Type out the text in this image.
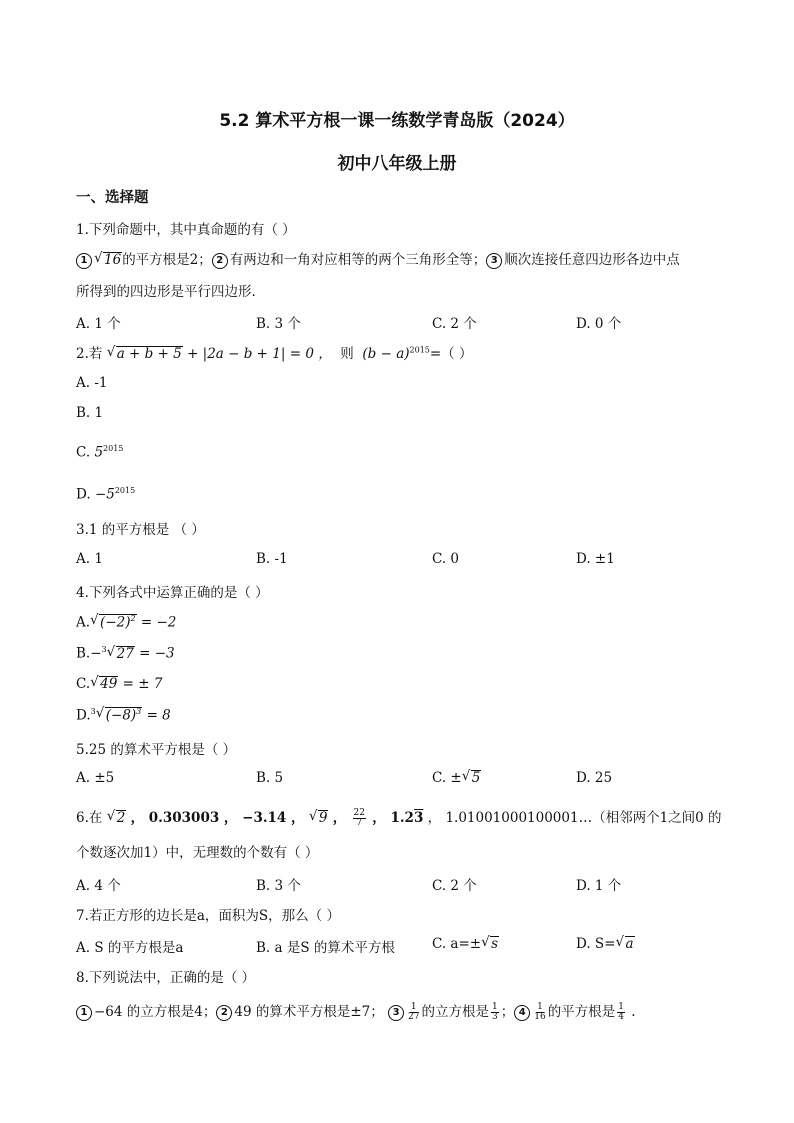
5.2 算术平方根一课一练数学青岛版（2024）
初中八年级上册
一、选择题
1.下列命题中，其中真命题的有（ ）
1 √ 16的平方根是2； 2 有两边和一角对应相等的两个三角形全等； 3 顺次连接任意四边形各边中点
所得到的四边形是平行四边形.
A. 1 个	B. 3 个	C. 2 个	D. 0 个
2.若 √ a + b + 5 + |2a − b + 1| = 0 ， 则 $(b - a)^{2015}=$（ ）
A. -1
B. 1
C. $5^{2015}$
D. $-5^{2015}$
3.1 的平方根是 （ ）
A. 1	B. -1	C. 0	D. ±1
4.下列各式中运算正确的是（ ）
A. √ $(-2)^2 = -2$
B.−$^3$ √ 27 = −3
C. √ 49 = ± 7
D.$^3$ √ $(-8)^3 = 8$
5.25 的算术平方根是（ ）
A. ±5	B. 5	C. ± √ 5	D. 25
6.在 √ 2 ， 0.303003 ， −3.14 ， √ 9 ， $\frac{22}{7}$ ， 1.23 ， 1.01001000100001…（相邻两个1之间0 的
个数逐次加1）中，无理数的个数有（ ）
A. 4 个	B. 3 个	C. 2 个	D. 1 个
7.若正方形的边长是a，面积为S，那么（ ）
A. S 的平方根是a	B. a 是S 的算术平方根	C. a=± √ s	D. S= √ a
8.下列说法中，正确的是（ ）
1 −64 的立方根是4； 2 49 的算术平方根是±7； $3 \frac{1}{27}$ 的立方根是 $\frac{1}{3}$ ； $4 \frac{1}{16}$ 的平方根是 $\frac{1}{4}$ .
